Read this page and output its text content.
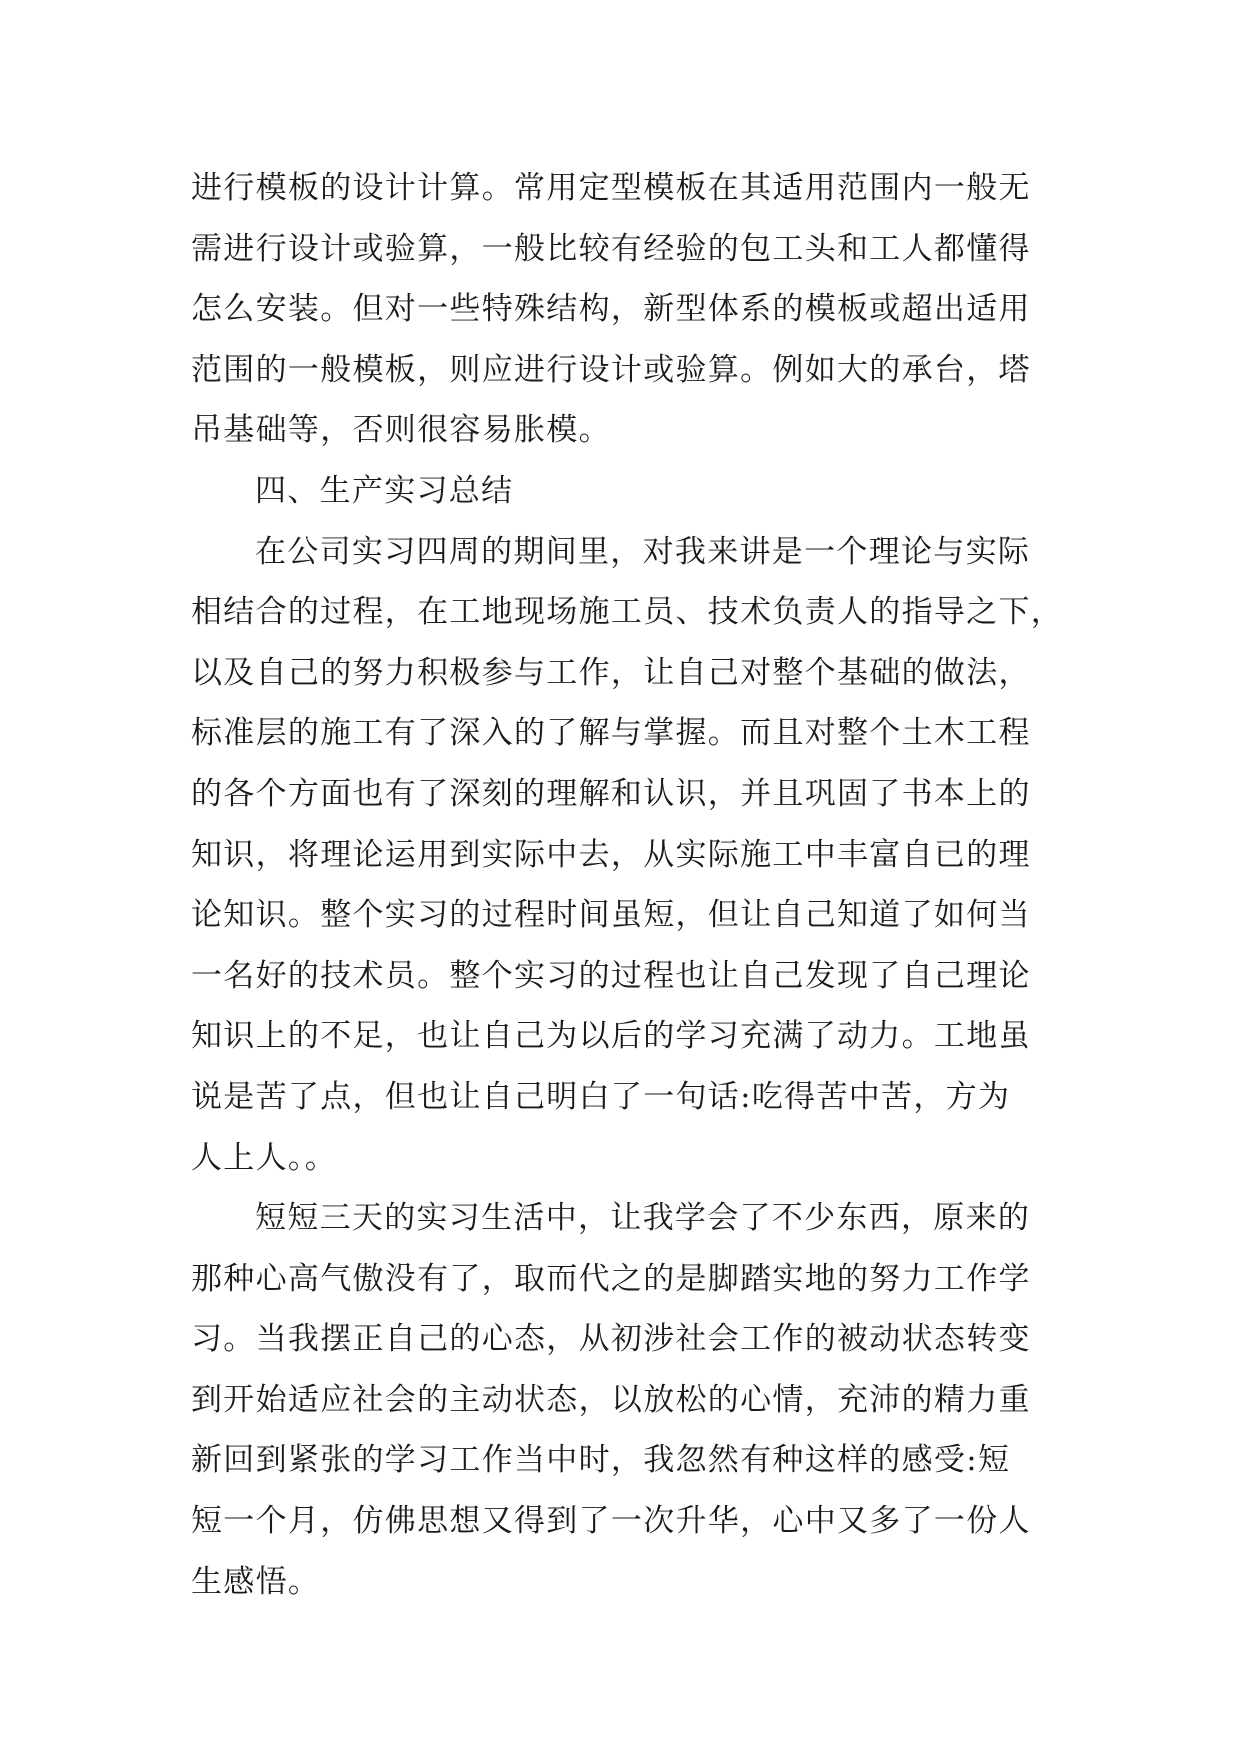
进行模板的设计计算。常用定型模板在其适用范围内一般无
需进行设计或验算，一般比较有经验的包工头和工人都懂得
怎么安装。但对一些特殊结构，新型体系的模板或超出适用
范围的一般模板，则应进行设计或验算。例如大的承台，塔
吊基础等，否则很容易胀模。
四、生产实习总结
在公司实习四周的期间里，对我来讲是一个理论与实际
相结合的过程，在工地现场施工员、技术负责人的指导之下，
以及自己的努力积极参与工作，让自己对整个基础的做法，
标准层的施工有了深入的了解与掌握。而且对整个土木工程
的各个方面也有了深刻的理解和认识，并且巩固了书本上的
知识，将理论运用到实际中去，从实际施工中丰富自已的理
论知识。整个实习的过程时间虽短，但让自己知道了如何当
一名好的技术员。整个实习的过程也让自己发现了自己理论
知识上的不足，也让自己为以后的学习充满了动力。工地虽
说是苦了点，但也让自己明白了一句话:吃得苦中苦，方为
人上人。。
短短三天的实习生活中，让我学会了不少东西，原来的
那种心高气傲没有了，取而代之的是脚踏实地的努力工作学
习。当我摆正自己的心态，从初涉社会工作的被动状态转变
到开始适应社会的主动状态，以放松的心情，充沛的精力重
新回到紧张的学习工作当中时，我忽然有种这样的感受:短
短一个月，仿佛思想又得到了一次升华，心中又多了一份人
生感悟。
